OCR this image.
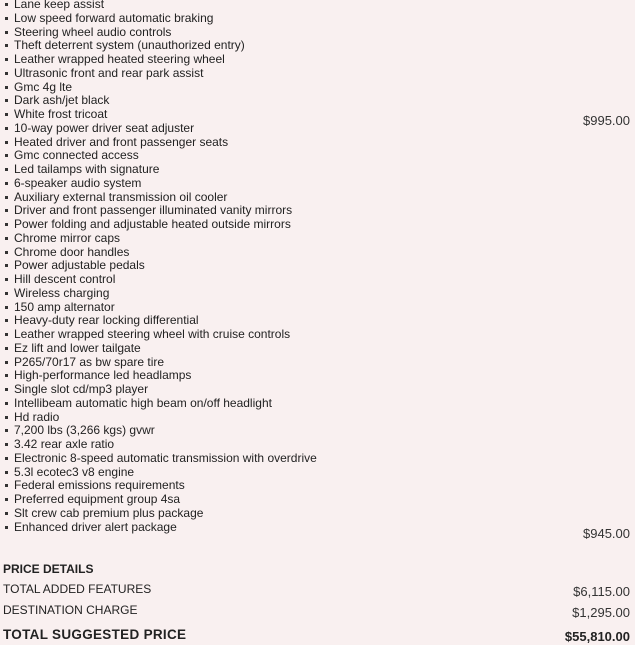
Lane keep assist
Low speed forward automatic braking
Steering wheel audio controls
Theft deterrent system (unauthorized entry)
Leather wrapped heated steering wheel
Ultrasonic front and rear park assist
Gmc 4g lte
Dark ash/jet black
White frost tricoat	$995.00
10-way power driver seat adjuster
Heated driver and front passenger seats
Gmc connected access
Led tailamps with signature
6-speaker audio system
Auxiliary external transmission oil cooler
Driver and front passenger illuminated vanity mirrors
Power folding and adjustable heated outside mirrors
Chrome mirror caps
Chrome door handles
Power adjustable pedals
Hill descent control
Wireless charging
150 amp alternator
Heavy-duty rear locking differential
Leather wrapped steering wheel with cruise controls
Ez lift and lower tailgate
P265/70r17 as bw spare tire
High-performance led headlamps
Single slot cd/mp3 player
Intellibeam automatic high beam on/off headlight
Hd radio
7,200 lbs (3,266 kgs) gvwr
3.42 rear axle ratio
Electronic 8-speed automatic transmission with overdrive
5.3l ecotec3 v8 engine
Federal emissions requirements
Preferred equipment group 4sa
Slt crew cab premium plus package
Enhanced driver alert package	$945.00
PRICE DETAILS
TOTAL ADDED FEATURES	$6,115.00
DESTINATION CHARGE	$1,295.00
TOTAL SUGGESTED PRICE	$55,810.00
